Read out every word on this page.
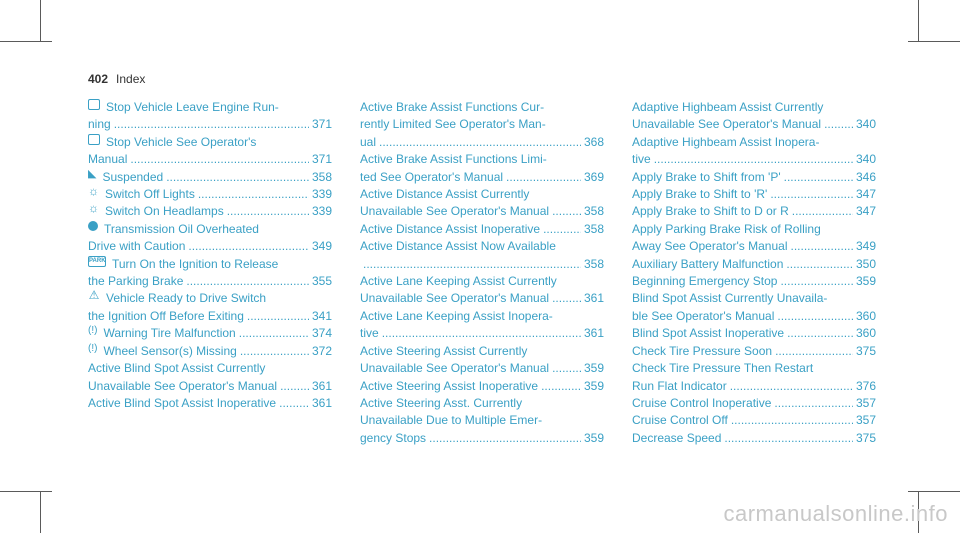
402 Index
Stop Vehicle Leave Engine Run-
ning .....	371
Stop Vehicle See Operator's
Manual .....	371
◣ Suspended .....	358
☼ Switch Off Lights .....	339
☼ Switch On Headlamps .....	339
Transmission Oil Overheated
Drive with Caution .....	349
PARK Turn On the Ignition to Release
the Parking Brake .....	355
⚠ Vehicle Ready to Drive Switch
the Ignition Off Before Exiting .....	341
(!) Warning Tire Malfunction .....	374
(!) Wheel Sensor(s) Missing .....	372
Active Blind Spot Assist Currently
Unavailable See Operator's Manual .....	361
Active Blind Spot Assist Inoperative .....	361
Active Brake Assist Functions Cur-
rently Limited See Operator's Man-
ual .....	368
Active Brake Assist Functions Limi-
ted See Operator's Manual .....	369
Active Distance Assist Currently
Unavailable See Operator's Manual .....	358
Active Distance Assist Inoperative .....	358
Active Distance Assist Now Available
.....
358
Active Lane Keeping Assist Currently
Unavailable See Operator's Manual .....	361
Active Lane Keeping Assist Inopera-
tive .....	361
Active Steering Assist Currently
Unavailable See Operator's Manual .....	359
Active Steering Assist Inoperative .....	359
Active Steering Asst. Currently
Unavailable Due to Multiple Emer-
gency Stops .....	359
Adaptive Highbeam Assist Currently
Unavailable See Operator's Manual .....	340
Adaptive Highbeam Assist Inopera-
tive .....	340
Apply Brake to Shift from 'P' .....	346
Apply Brake to Shift to 'R' .....	347
Apply Brake to Shift to D or R .....	347
Apply Parking Brake Risk of Rolling
Away See Operator's Manual .....	349
Auxiliary Battery Malfunction .....	350
Beginning Emergency Stop .....	359
Blind Spot Assist Currently Unavaila-
ble See Operator's Manual .....	360
Blind Spot Assist Inoperative .....	360
Check Tire Pressure Soon .....	375
Check Tire Pressure Then Restart
Run Flat Indicator .....	376
Cruise Control Inoperative .....	357
Cruise Control Off .....	357
Decrease Speed .....	375
carmanualsonline.info
